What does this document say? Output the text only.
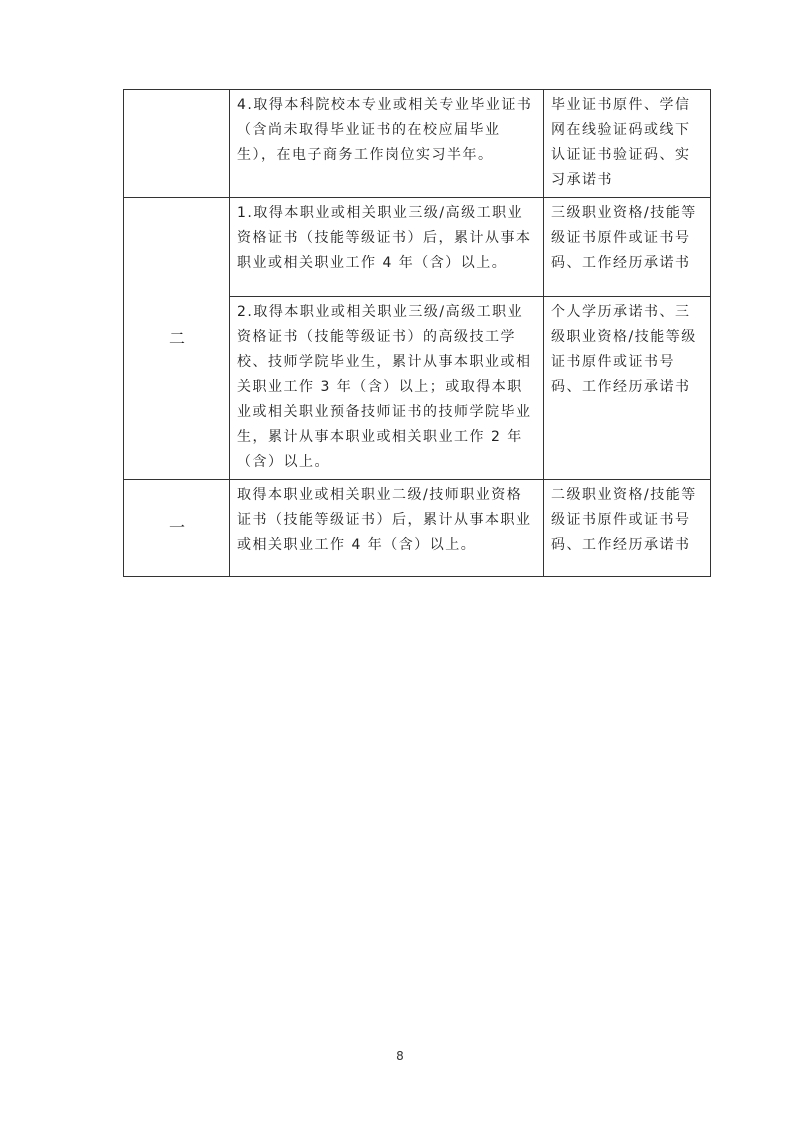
	4.取得本科院校本专业或相关专业毕业证书（含尚未取得毕业证书的在校应届毕业生），在电子商务工作岗位实习半年。	毕业证书原件、学信网在线验证码或线下认证证书验证码、实习承诺书
二	1.取得本职业或相关职业三级/高级工职业资格证书（技能等级证书）后，累计从事本职业或相关职业工作 4 年（含）以上。	三级职业资格/技能等级证书原件或证书号码、工作经历承诺书
	2.取得本职业或相关职业三级/高级工职业资格证书（技能等级证书）的高级技工学校、技师学院毕业生，累计从事本职业或相关职业工作 3 年（含）以上；或取得本职业或相关职业预备技师证书的技师学院毕业生，累计从事本职业或相关职业工作 2 年（含）以上。	个人学历承诺书、三级职业资格/技能等级证书原件或证书号码、工作经历承诺书
一	取得本职业或相关职业二级/技师职业资格证书（技能等级证书）后，累计从事本职业或相关职业工作 4 年（含）以上。	二级职业资格/技能等级证书原件或证书号码、工作经历承诺书
8
